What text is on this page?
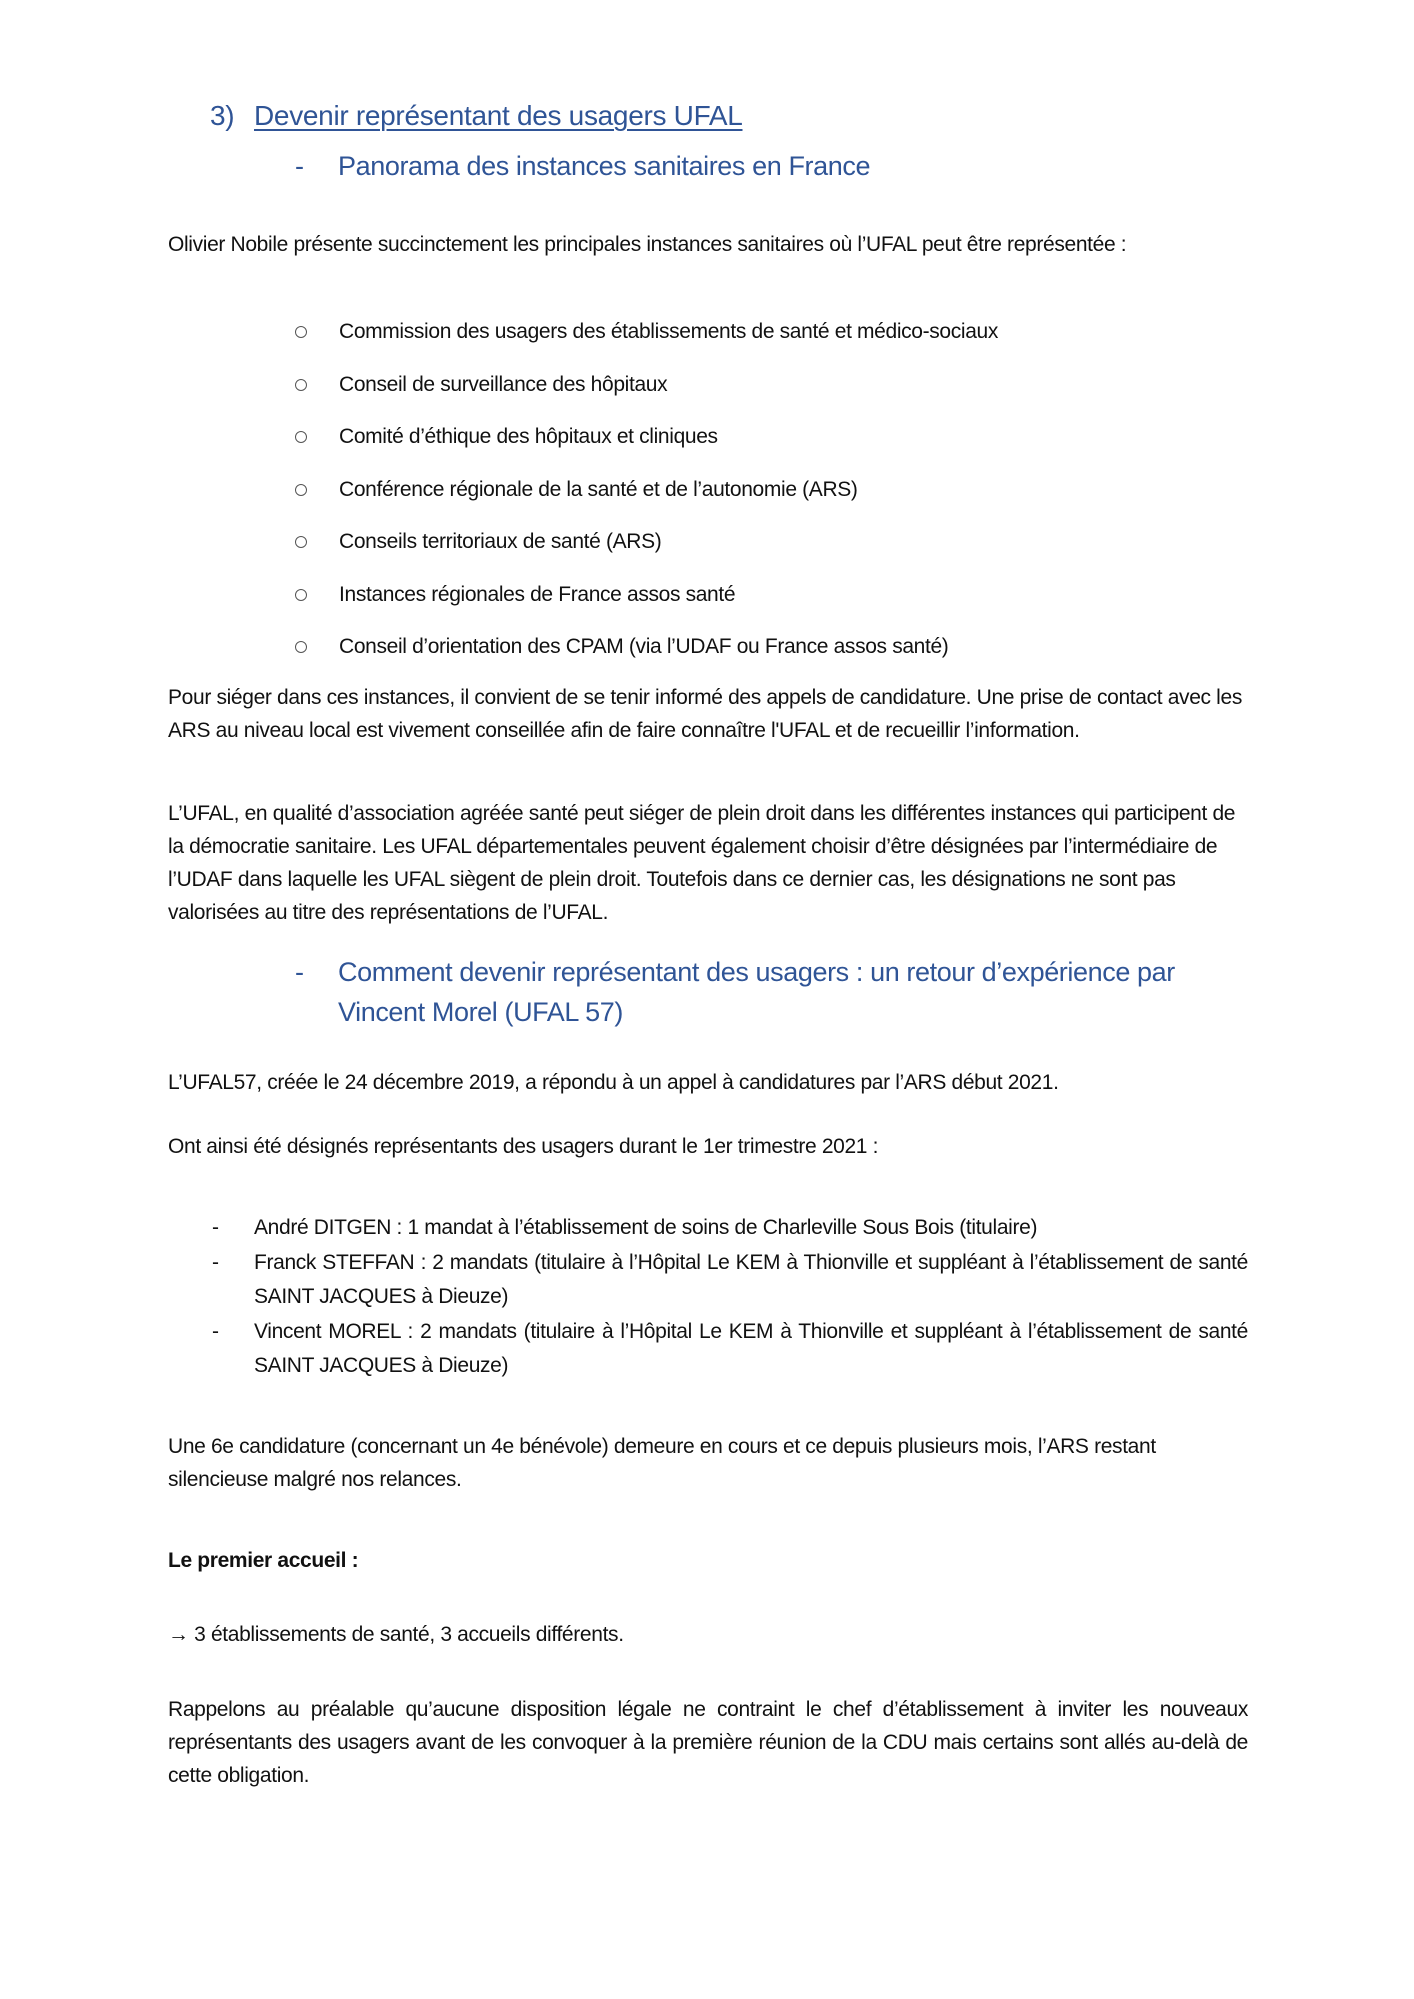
3) Devenir représentant des usagers UFAL
-	Panorama des instances sanitaires en France
Olivier Nobile présente succinctement les principales instances sanitaires où l’UFAL peut être représentée :
Commission des usagers des établissements de santé et médico-sociaux
Conseil de surveillance des hôpitaux
Comité d’éthique des hôpitaux et cliniques
Conférence régionale de la santé et de l’autonomie (ARS)
Conseils territoriaux de santé (ARS)
Instances régionales de France assos santé
Conseil d’orientation des CPAM (via l’UDAF ou France assos santé)
Pour siéger dans ces instances, il convient de se tenir informé des appels de candidature. Une prise de contact avec les ARS au niveau local est vivement conseillée afin de faire connaître l'UFAL et de recueillir l’information.
L’UFAL, en qualité d’association agréée santé peut siéger de plein droit dans les différentes instances qui participent de la démocratie sanitaire. Les UFAL départementales peuvent également choisir d’être désignées par l’intermédiaire de l’UDAF dans laquelle les UFAL siègent de plein droit. Toutefois dans ce dernier cas, les désignations ne sont pas valorisées au titre des représentations de l’UFAL.
-	Comment devenir représentant des usagers : un retour d’expérience par Vincent Morel (UFAL 57)
L’UFAL57, créée le 24 décembre 2019, a répondu à un appel à candidatures par l’ARS début 2021.
Ont ainsi été désignés représentants des usagers durant le 1er trimestre 2021 :
- André DITGEN : 1 mandat à l’établissement de soins de Charleville Sous Bois (titulaire)
- Franck STEFFAN : 2 mandats (titulaire à l’Hôpital Le KEM à Thionville et suppléant à l’établissement de santé SAINT JACQUES à Dieuze)
- Vincent MOREL : 2 mandats (titulaire à l’Hôpital Le KEM à Thionville et suppléant à l’établissement de santé SAINT JACQUES à Dieuze)
Une 6e candidature (concernant un 4e bénévole) demeure en cours et ce depuis plusieurs mois, l’ARS restant silencieuse malgré nos relances.
Le premier accueil :
→ 3 établissements de santé, 3 accueils différents.
Rappelons au préalable qu’aucune disposition légale ne contraint le chef d’établissement à inviter les nouveaux représentants des usagers avant de les convoquer à la première réunion de la CDU mais certains sont allés au-delà de cette obligation.
